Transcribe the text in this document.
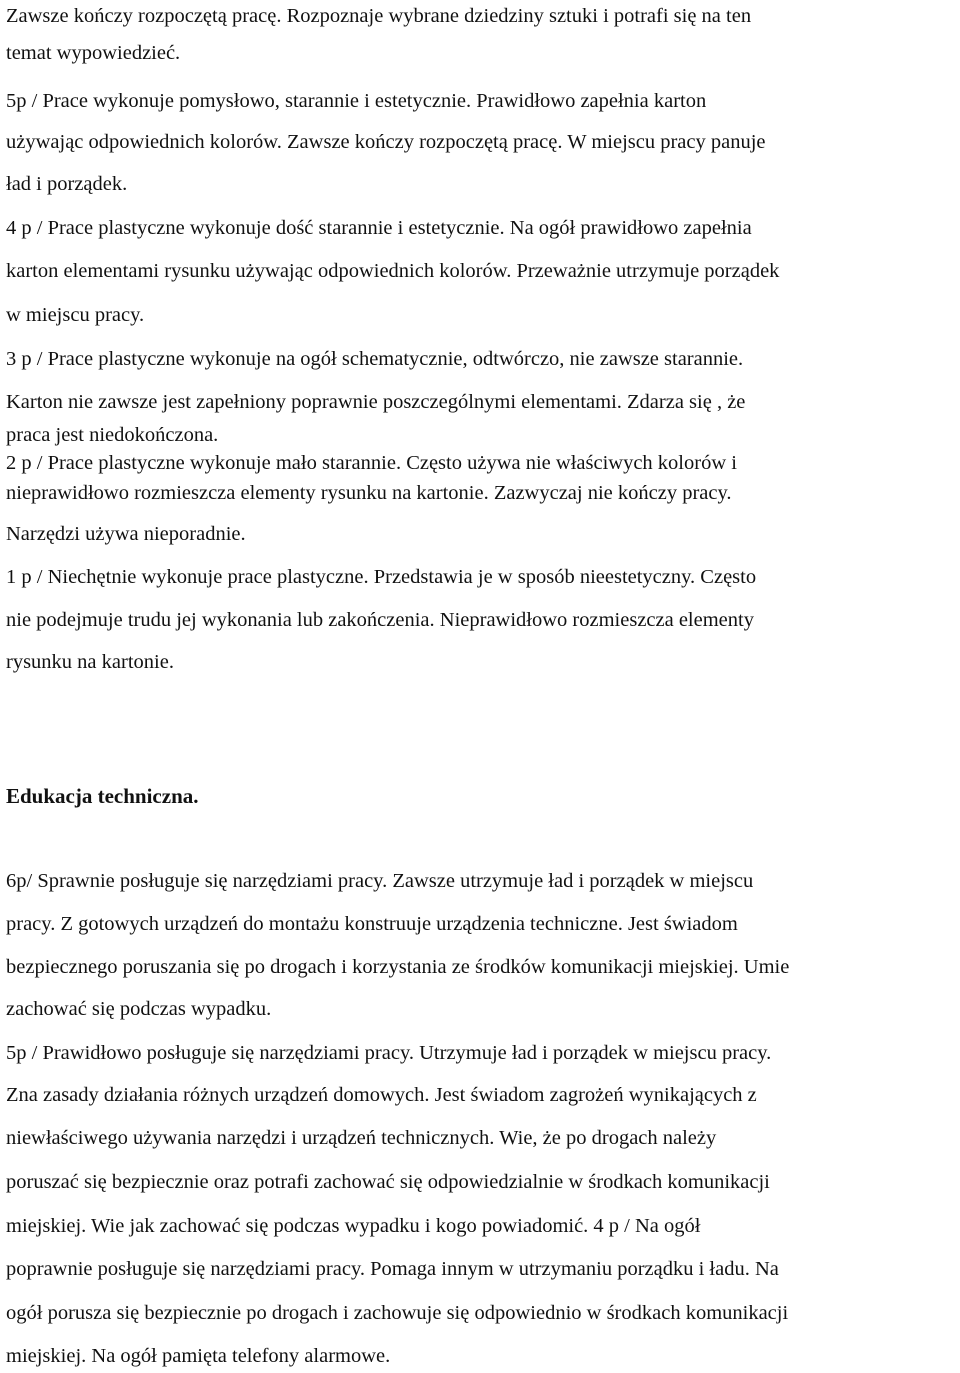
Zawsze kończy rozpoczętą pracę. Rozpoznaje wybrane dziedziny sztuki i potrafi się na ten
temat wypowiedzieć.
5p / Prace wykonuje pomysłowo, starannie i estetycznie. Prawidłowo zapełnia karton
używając odpowiednich kolorów. Zawsze kończy rozpoczętą pracę. W miejscu pracy panuje
ład i porządek.
4 p / Prace plastyczne wykonuje dość starannie i estetycznie. Na ogół prawidłowo zapełnia
karton elementami rysunku używając odpowiednich kolorów. Przeważnie utrzymuje porządek
w miejscu pracy.
3 p / Prace plastyczne wykonuje na ogół schematycznie, odtwórczo, nie zawsze starannie.
Karton nie zawsze jest zapełniony poprawnie poszczególnymi elementami. Zdarza się , że
praca jest niedokończona.
2 p / Prace plastyczne wykonuje mało starannie. Często używa nie właściwych kolorów i
nieprawidłowo rozmieszcza elementy rysunku na kartonie. Zazwyczaj nie kończy pracy.
Narzędzi używa nieporadnie.
1 p / Niechętnie wykonuje prace plastyczne. Przedstawia je w sposób nieestetyczny. Często
nie podejmuje trudu jej wykonania lub zakończenia. Nieprawidłowo rozmieszcza elementy
rysunku na kartonie.
Edukacja techniczna.
6p/ Sprawnie posługuje się narzędziami pracy. Zawsze utrzymuje ład i porządek w miejscu
pracy. Z gotowych urządzeń do montażu konstruuje urządzenia techniczne. Jest świadom
bezpiecznego poruszania się po drogach i korzystania ze środków komunikacji miejskiej. Umie
zachować się podczas wypadku.
5p / Prawidłowo posługuje się narzędziami pracy. Utrzymuje ład i porządek w miejscu pracy.
Zna zasady działania różnych urządzeń domowych. Jest świadom zagrożeń wynikających z
niewłaściwego używania narzędzi i urządzeń technicznych. Wie, że po drogach należy
poruszać się bezpiecznie oraz potrafi zachować się odpowiedzialnie w środkach komunikacji
miejskiej. Wie jak zachować się podczas wypadku i kogo powiadomić. 4 p / Na ogół
poprawnie posługuje się narzędziami pracy. Pomaga innym w utrzymaniu porządku i ładu. Na
ogół porusza się bezpiecznie po drogach i zachowuje się odpowiednio w środkach komunikacji
miejskiej. Na ogół pamięta telefony alarmowe.
